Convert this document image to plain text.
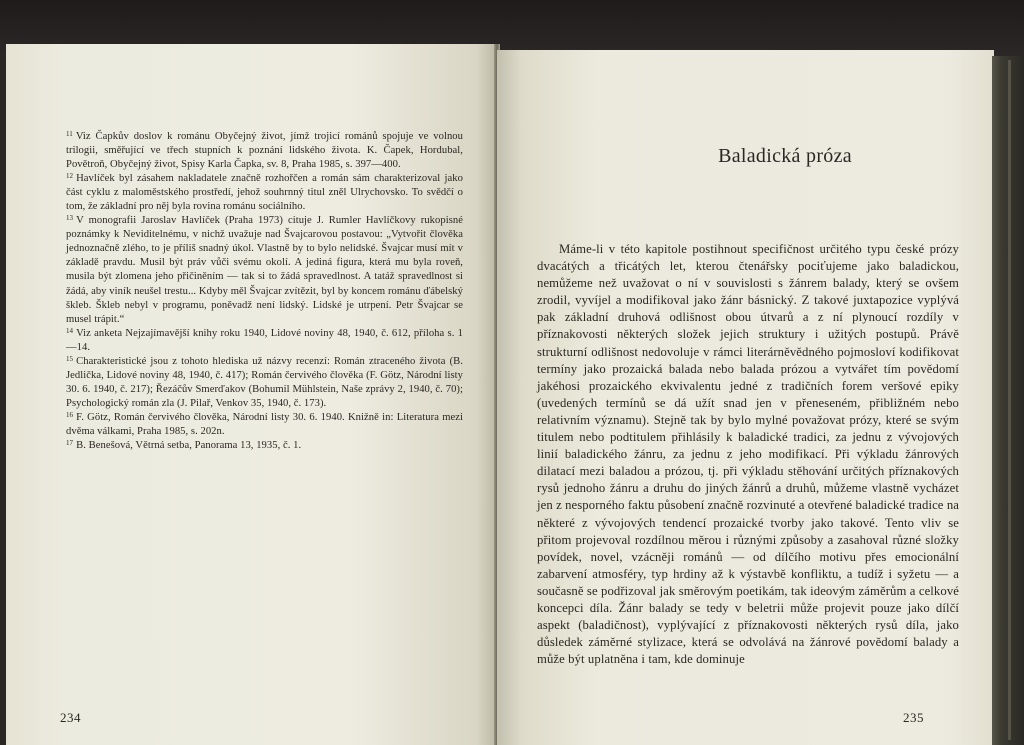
$^{11}$ Viz Čapkův doslov k románu Obyčejný život, jímž trojicí románů spojuje ve volnou trilogii, směřující ve třech stupních k poznání lidského života. K. Čapek, Hordubal, Povětroň, Obyčejný život, Spisy Karla Čapka, sv. 8, Praha 1985, s. 397—400.

$^{12}$ Havlíček byl zásahem nakladatele značně rozhořčen a román sám charakterizoval jako část cyklu z maloměstského prostředí, jehož souhrnný titul zněl Ulrychovsko. To svědčí o tom, že základní pro něj byla rovina románu sociálního.

$^{13}$ V monografii Jaroslav Havlíček (Praha 1973) cituje J. Rumler Havlíčkovy rukopisné poznámky k Neviditelnému, v nichž uvažuje nad Švajcarovou postavou: „Vytvořit člověka jednoznačně zlého, to je příliš snadný úkol. Vlastně by to bylo nelidské. Švajcar musí mít v základě pravdu. Musil být práv vůči svému okolí. A jediná figura, která mu byla roveň, musila být zlomena jeho přičiněním — tak si to žádá spravedlnost. A tatáž spravedlnost si žádá, aby viník neušel trestu... Kdyby měl Švajcar zvítězit, byl by koncem románu ďábelský škleb. Škleb nebyl v programu, poněvadž není lidský. Lidské je utrpení. Petr Švajcar se musel trápit.“

$^{14}$ Viz anketa Nejzajímavější knihy roku 1940, Lidové noviny 48, 1940, č. 612, příloha s. 1—14.

$^{15}$ Charakteristické jsou z tohoto hlediska už názvy recenzí: Román ztraceného života (B. Jedlička, Lidové noviny 48, 1940, č. 417); Román červivého člověka (F. Götz, Národní listy 30. 6. 1940, č. 217); Řezáčův Smerďakov (Bohumil Mühlstein, Naše zprávy 2, 1940, č. 70); Psychologický román zla (J. Pilař, Venkov 35, 1940, č. 173).

$^{16}$ F. Götz, Román červivého člověka, Národní listy 30. 6. 1940. Knižně in: Literatura mezi dvěma válkami, Praha 1985, s. 202n.

$^{17}$ B. Benešová, Větrná setba, Panorama 13, 1935, č. 1.

234
Baladická próza

Máme-li v této kapitole postihnout specifičnost určitého typu české prózy dvacátých a třicátých let, kterou čtenářsky pociťujeme jako baladickou, nemůžeme než uvažovat o ní v souvislosti s žánrem balady, který se ovšem zrodil, vyvíjel a modifikoval jako žánr básnický. Z takové juxtapozice vyplývá pak základní druhová odlišnost obou útvarů a z ní plynoucí rozdíly v příznakovosti některých složek jejich struktury i užitých postupů. Právě strukturní odlišnost nedovoluje v rámci literárněvědného pojmosloví kodifikovat termíny jako prozaická balada nebo balada prózou a vytvářet tím povědomí jakéhosi prozaického ekvivalentu jedné z tradičních forem veršové epiky (uvedených termínů se dá užít snad jen v přeneseném, přibližném nebo relativním významu). Stejně tak by bylo mylné považovat prózy, které se svým titulem nebo podtitulem přihlásily k baladické tradici, za jednu z vývojových linií baladického žánru, za jednu z jeho modifikací. Při výkladu žánrových dilatací mezi baladou a prózou, tj. při výkladu stěhování určitých příznakových rysů jednoho žánru a druhu do jiných žánrů a druhů, můžeme vlastně vycházet jen z nesporného faktu působení značně rozvinuté a otevřené baladické tradice na některé z vývojových tendencí prozaické tvorby jako takové. Tento vliv se přitom projevoval rozdílnou měrou i různými způsoby a zasahoval různé složky povídek, novel, vzácněji románů — od dílčího motivu přes emocionální zabarvení atmosféry, typ hrdiny až k výstavbě konfliktu, a tudíž i syžetu — a současně se podřizoval jak směrovým poetikám, tak ideovým záměrům a celkové koncepci díla. Žánr balady se tedy v beletrii může projevit pouze jako dílčí aspekt (baladičnost), vyplývající z příznakovosti některých rysů díla, jako důsledek záměrné stylizace, která se odvolává na žánrové povědomí balady a může být uplatněna i tam, kde dominuje

235
